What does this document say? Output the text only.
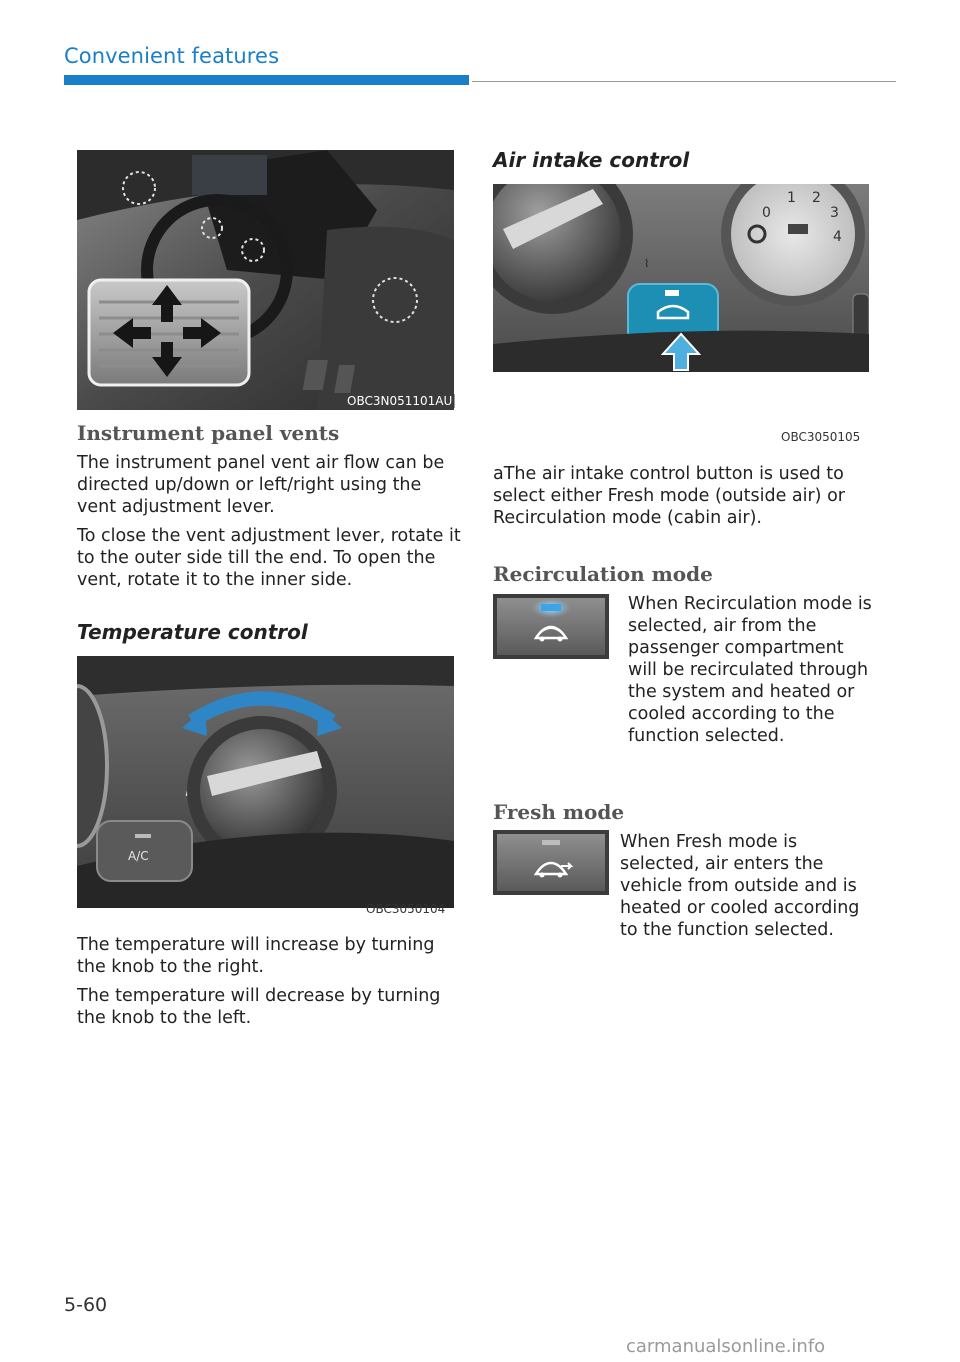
Convenient features
OBC3N051101AU
Instrument panel vents
The instrument panel vent air flow can be directed up/down or left/right using the vent adjustment lever.
To close the vent adjustment lever, rotate it to the outer side till the end. To open the vent, rotate it to the inner side.
Temperature control
A/C
OBC3050104
The temperature will increase by turning the knob to the right.
The temperature will decrease by turning the knob to the left.
Air intake control
⌇
0
1 2
3
4
OBC3050105
aThe air intake control button is used to select either Fresh mode (outside air) or Recirculation mode (cabin air).
Recirculation mode
When Recirculation mode is selected, air from the passenger compartment will be recirculated through the system and heated or cooled according to the function selected.
Fresh mode
When Fresh mode is selected, air enters the vehicle from outside and is heated or cooled according to the function selected.
5-60
carmanualsonline.info
